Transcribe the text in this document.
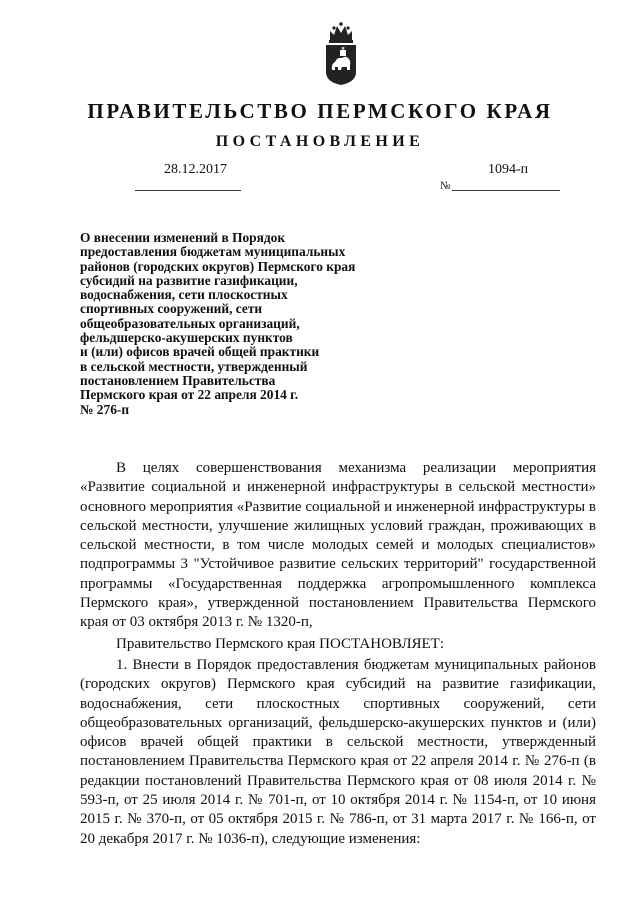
ПРАВИТЕЛЬСТВО ПЕРМСКОГО КРАЯ
ПОСТАНОВЛЕНИЕ
28.12.2017	1094-п
№
О внесении изменений в Порядок
предоставления бюджетам муниципальных
районов (городских округов) Пермского края
субсидий на развитие газификации,
водоснабжения, сети плоскостных
спортивных сооружений, сети
общеобразовательных организаций,
фельдшерско-акушерских пунктов
и (или) офисов врачей общей практики
в сельской местности, утвержденный
постановлением Правительства
Пермского края от 22 апреля 2014 г.
№ 276-п

В целях совершенствования механизма реализации мероприятия «Развитие социальной и инженерной инфраструктуры в сельской местности» основного мероприятия «Развитие социальной и инженерной инфраструктуры в сельской местности, улучшение жилищных условий граждан, проживающих в сельской местности, в том числе молодых семей и молодых специалистов» подпрограммы 3 "Устойчивое развитие сельских территорий" государственной программы «Государственная поддержка агропромышленного комплекса Пермского края», утвержденной постановлением Правительства Пермского края от 03 октября 2013 г. № 1320-п,

Правительство Пермского края ПОСТАНОВЛЯЕТ:

1. Внести в Порядок предоставления бюджетам муниципальных районов (городских округов) Пермского края субсидий на развитие газификации, водоснабжения, сети плоскостных спортивных сооружений, сети общеобразовательных организаций, фельдшерско-акушерских пунктов и (или) офисов врачей общей практики в сельской местности, утвержденный постановлением Правительства Пермского края от 22 апреля 2014 г. № 276-п (в редакции постановлений Правительства Пермского края от 08 июля 2014 г. № 593-п, от 25 июля 2014 г. № 701-п, от 10 октября 2014 г. № 1154-п, от 10 июня 2015 г. № 370-п, от 05 октября 2015 г. № 786-п, от 31 марта 2017 г. № 166-п, от 20 декабря 2017 г. № 1036-п), следующие изменения:
